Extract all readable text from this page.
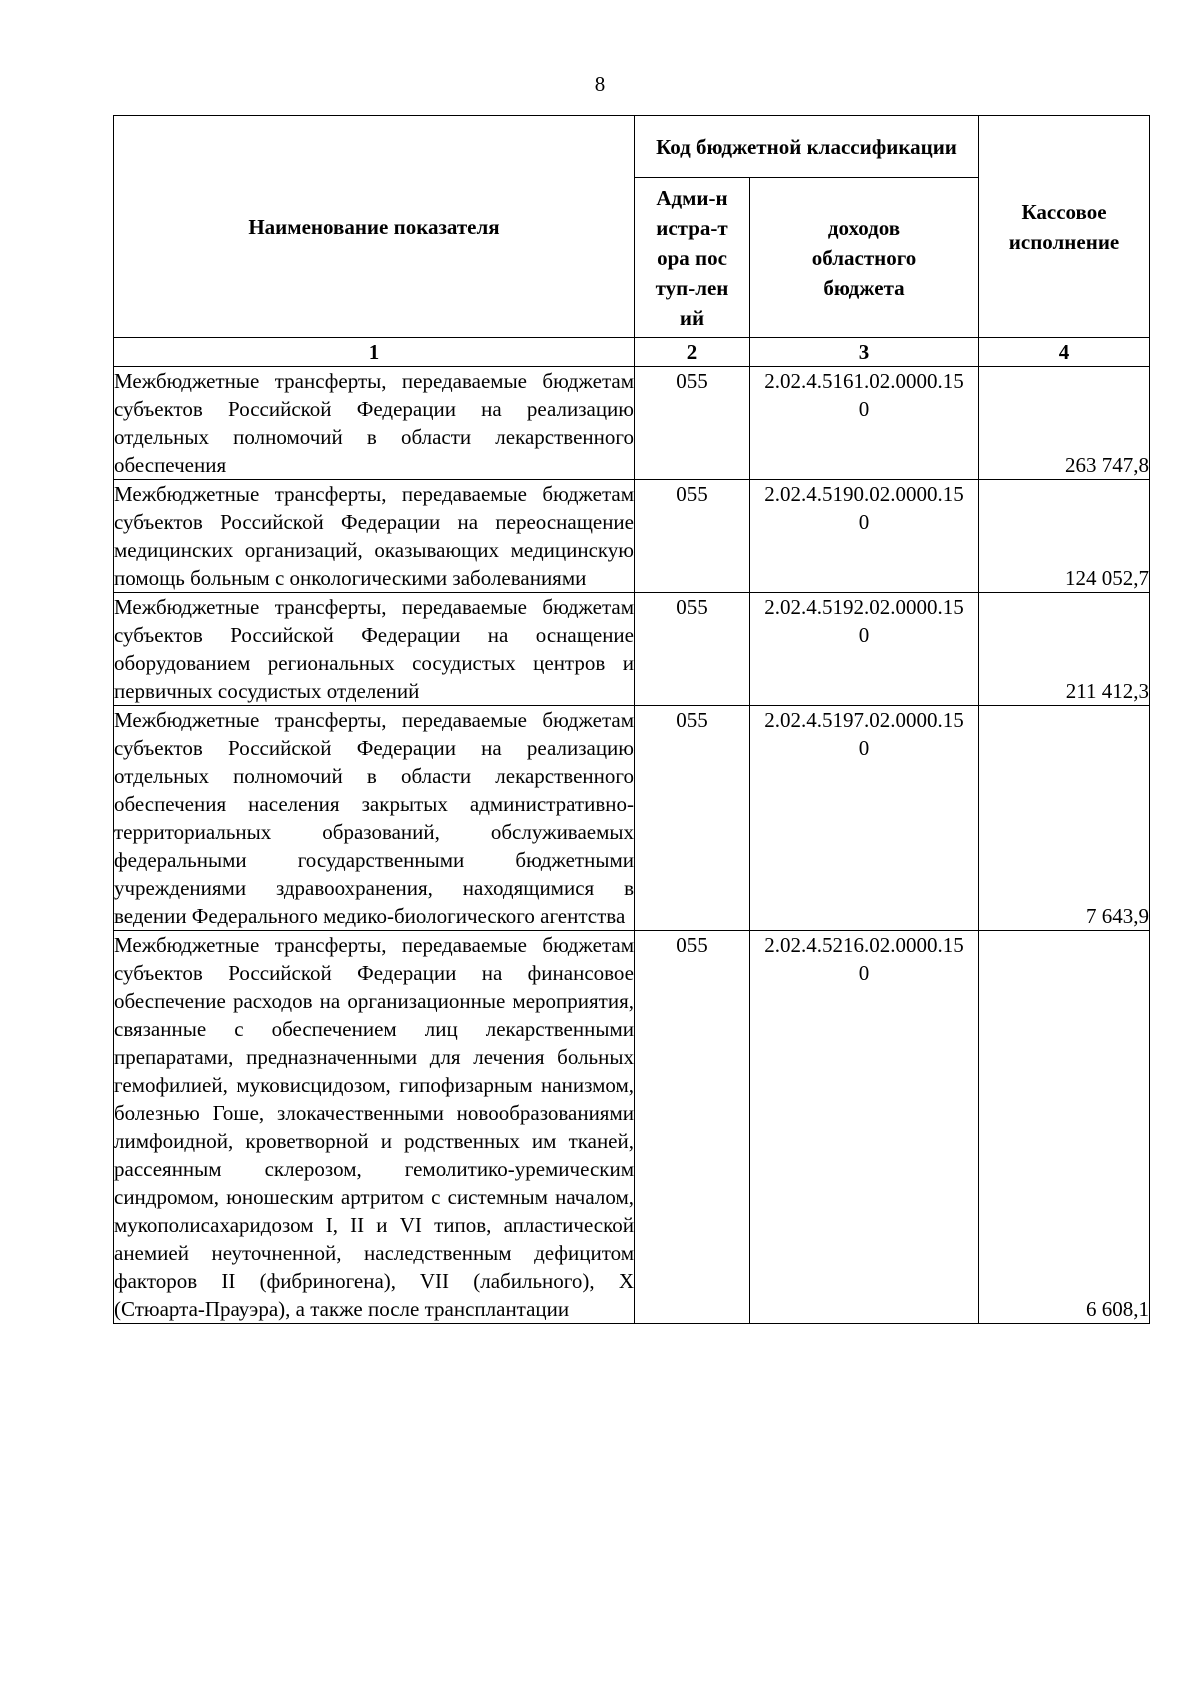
8
Наименование показателя	Код бюджетной классификации		Кассовое исполнение
	Адми-нистра-тора поступ-лений	доходов областного бюджета	
1	2	3	4
Межбюджетные трансферты, передаваемые бюджетам субъектов Российской Федерации на реализацию отдельных полномочий в области лекарственного обеспечения	055	2.02.4.5161.02.0000.150	263 747,8
Межбюджетные трансферты, передаваемые бюджетам субъектов Российской Федерации на переоснащение медицинских организаций, оказывающих медицинскую помощь больным с онкологическими заболеваниями	055	2.02.4.5190.02.0000.150	124 052,7
Межбюджетные трансферты, передаваемые бюджетам субъектов Российской Федерации на оснащение оборудованием региональных сосудистых центров и первичных сосудистых отделений	055	2.02.4.5192.02.0000.150	211 412,3
Межбюджетные трансферты, передаваемые бюджетам субъектов Российской Федерации на реализацию отдельных полномочий в области лекарственного обеспечения населения закрытых административно-территориальных образований, обслуживаемых федеральными государственными бюджетными учреждениями здравоохранения, находящимися в ведении Федерального медико-биологического агентства	055	2.02.4.5197.02.0000.150	7 643,9
Межбюджетные трансферты, передаваемые бюджетам субъектов Российской Федерации на финансовое обеспечение расходов на организационные мероприятия, связанные с обеспечением лиц лекарственными препаратами, предназначенными для лечения больных гемофилией, муковисцидозом, гипофизарным нанизмом, болезнью Гоше, злокачественными новообразованиями лимфоидной, кроветворной и родственных им тканей, рассеянным склерозом, гемолитико-уремическим синдромом, юношеским артритом с системным началом, мукополисахаридозом I, II и VI типов, апластической анемией неуточненной, наследственным дефицитом факторов II (фибриногена), VII (лабильного), X (Стюарта-Прауэра), а также после трансплантации	055	2.02.4.5216.02.0000.150	6 608,1
